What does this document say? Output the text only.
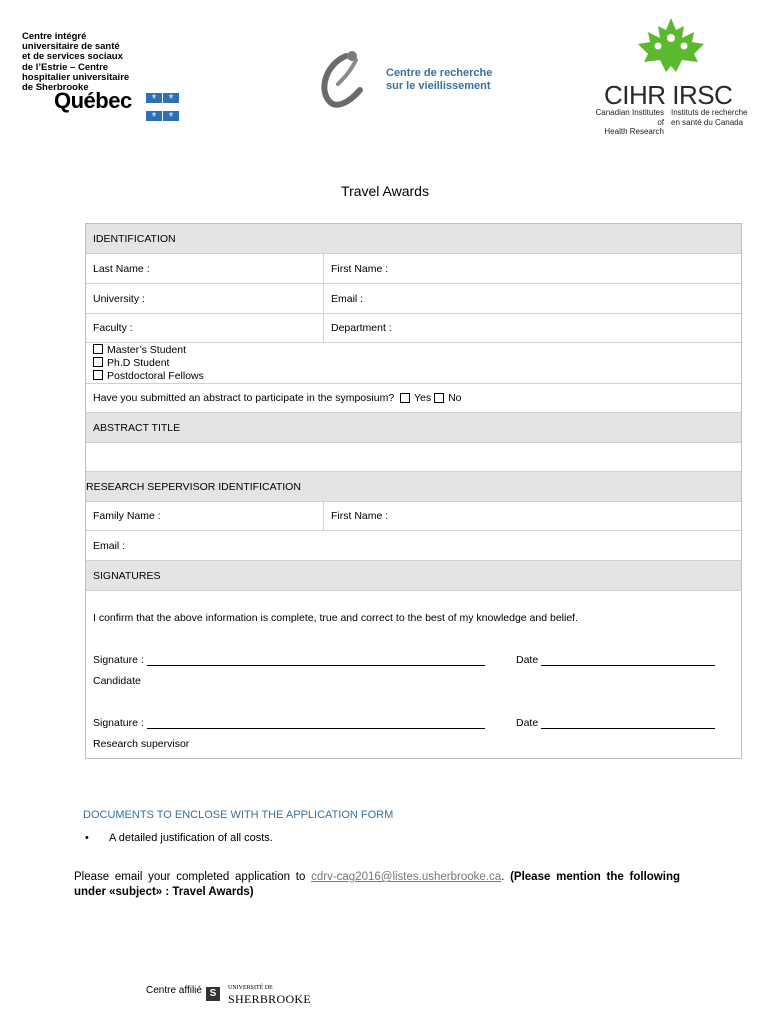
Centre intégré
universitaire de santé
et de services sociaux
de l’Estrie – Centre
hospitalier universitaire
de Sherbrooke
Québec	⚜ ⚜⚜ ⚜
Centre de recherche
sur le vieillissement	CIHR IRSC
Canadian Institutes of
Health Research
Instituts de recherche
en santé du Canada
Travel Awards
IDENTIFICATION
Last Name :	First Name :
University :	Email :
Faculty :	Department :
Master’s Student
Ph.D Student
Postdoctoral Fellows
Have you submitted an abstract to participate in the symposium?
Yes
No
ABSTRACT TITLE
RESEARCH SEPERVISOR IDENTIFICATION
Family Name :	First Name :
Email :
SIGNATURES
I confirm that the above information is complete, true and correct to the best of my knowledge and belief.
Signature :	Date
Candidate
Signature :	Date
Research supervisor
DOCUMENTS TO ENCLOSE WITH THE APPLICATION FORM
• A detailed justification of all costs.
Please email your completed application to cdrv-cag2016@listes.usherbrooke.ca. (Please mention the following under «subject» : Travel Awards)
Centre affilié S	UNIVERSITÉ DE
SHERBROOKE
